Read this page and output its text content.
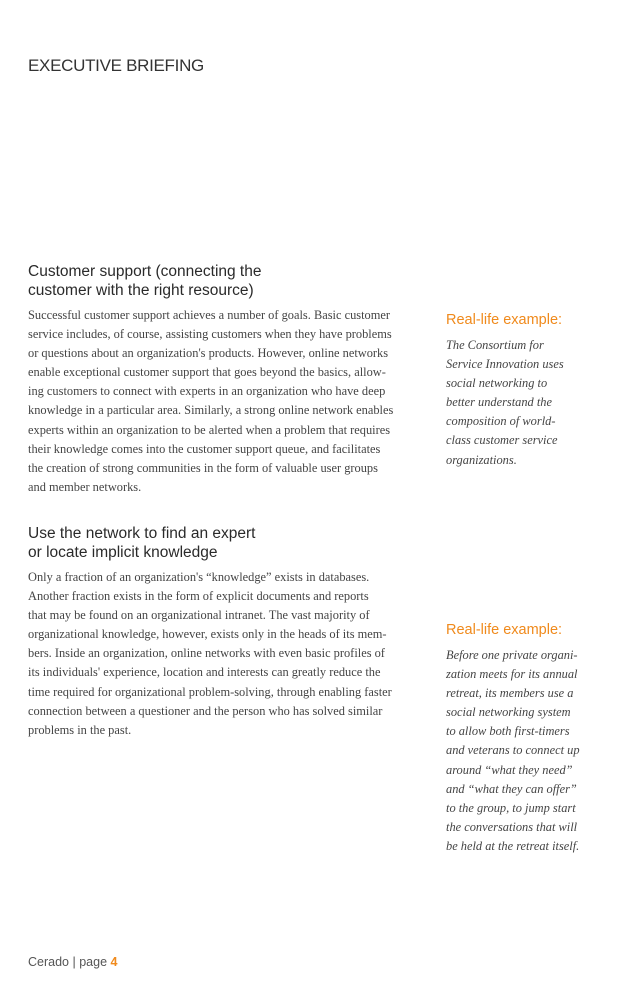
EXECUTIVE BRIEFING
Customer support (connecting the
customer with the right resource)
Successful customer support achieves a number of goals. Basic customer
service includes, of course, assisting customers when they have problems
or questions about an organization's products. However, online networks
enable exceptional customer support that goes beyond the basics, allow-
ing customers to connect with experts in an organization who have deep
knowledge in a particular area. Similarly, a strong online network enables
experts within an organization to be alerted when a problem that requires
their knowledge comes into the customer support queue, and facilitates
the creation of strong communities in the form of valuable user groups
and member networks.
Use the network to find an expert
or locate implicit knowledge
Only a fraction of an organization's “knowledge” exists in databases.
Another fraction exists in the form of explicit documents and reports
that may be found on an organizational intranet. The vast majority of
organizational knowledge, however, exists only in the heads of its mem-
bers. Inside an organization, online networks with even basic profiles of
its individuals' experience, location and interests can greatly reduce the
time required for organizational problem-solving, through enabling faster
connection between a questioner and the person who has solved similar
problems in the past.
Real-life example:
The Consortium for
Service Innovation uses
social networking to
better understand the
composition of world-
class customer service
organizations.
Real-life example:
Before one private organi-
zation meets for its annual
retreat, its members use a
social networking system
to allow both first-timers
and veterans to connect up
around “what they need”
and “what they can offer”
to the group, to jump start
the conversations that will
be held at the retreat itself.
Cerado | page 4
